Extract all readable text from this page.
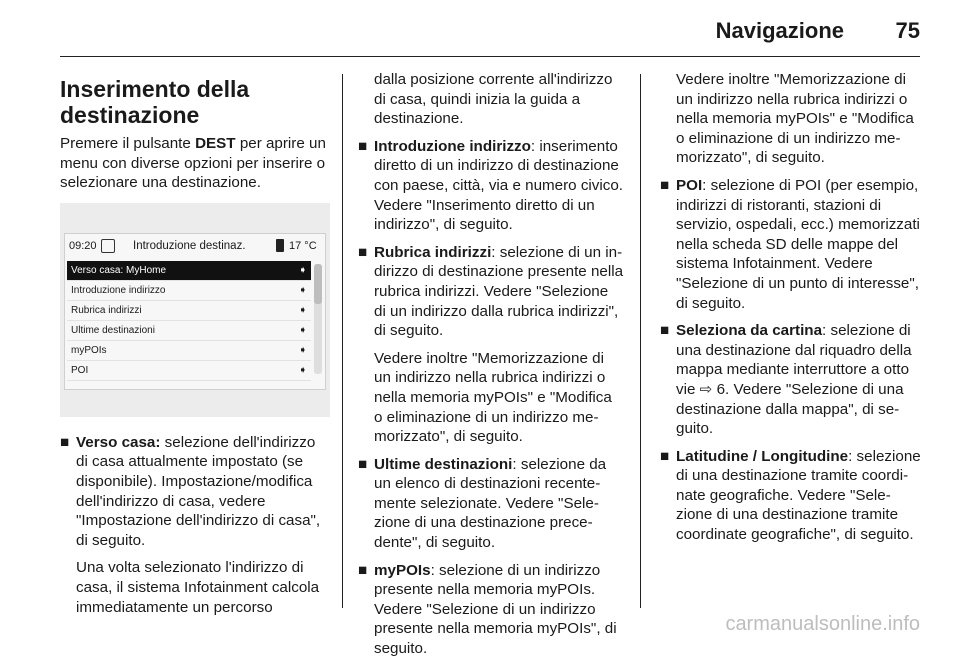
Navigazione 75
Inserimento della destinazione

Premere il pulsante DEST per aprire un menu con diverse opzioni per inserire o selezionare una destinazione.

09:20	Introduzione destinaz.	17 °C
Verso casa: MyHome	➧
Introduzione indirizzo	➧
Rubrica indirizzi	➧
Ultime destinazioni	➧
myPOIs	➧
POI	➧
■ Verso casa: selezione dell'indirizzo di casa attualmente impostato (se disponibile). Impostazione/modifica dell'indirizzo di casa, vedere "Impostazione dell'indirizzo di casa", di seguito.
Una volta selezionato l'indirizzo di casa, il sistema Infotainment calcola immediatamente un percorso
dalla posizione corrente all'indirizzo di casa, quindi inizia la guida a destinazione.
■ Introduzione indirizzo: inserimento diretto di un indirizzo di destinazione con paese, città, via e numero civico. Vedere "Inserimento diretto di un indirizzo", di seguito.
■ Rubrica indirizzi: selezione di un indirizzo di destinazione presente nella rubrica indirizzi. Vedere "Selezione di un indirizzo dalla rubrica indirizzi", di seguito.
Vedere inoltre "Memorizzazione di un indirizzo nella rubrica indirizzi o nella memoria myPOIs" e "Modifica o eliminazione di un indirizzo memorizzato", di seguito.
■ Ultime destinazioni: selezione da un elenco di destinazioni recentemente selezionate. Vedere "Selezione di una destinazione precedente", di seguito.
■ myPOIs: selezione di un indirizzo presente nella memoria myPOIs. Vedere "Selezione di un indirizzo presente nella memoria myPOIs", di seguito.
Vedere inoltre "Memorizzazione di un indirizzo nella rubrica indirizzi o nella memoria myPOIs" e "Modifica o eliminazione di un indirizzo memorizzato", di seguito.
■ POI: selezione di POI (per esempio, indirizzi di ristoranti, stazioni di servizio, ospedali, ecc.) memorizzati nella scheda SD delle mappe del sistema Infotainment. Vedere "Selezione di un punto di interesse", di seguito.
■ Seleziona da cartina: selezione di una destinazione dal riquadro della mappa mediante interruttore a otto vie ⇨ 6. Vedere "Selezione di una destinazione dalla mappa", di seguito.
■ Latitudine / Longitudine: selezione di una destinazione tramite coordinate geografiche. Vedere "Selezione di una destinazione tramite coordinate geografiche", di seguito.
carmanualsonline.info
